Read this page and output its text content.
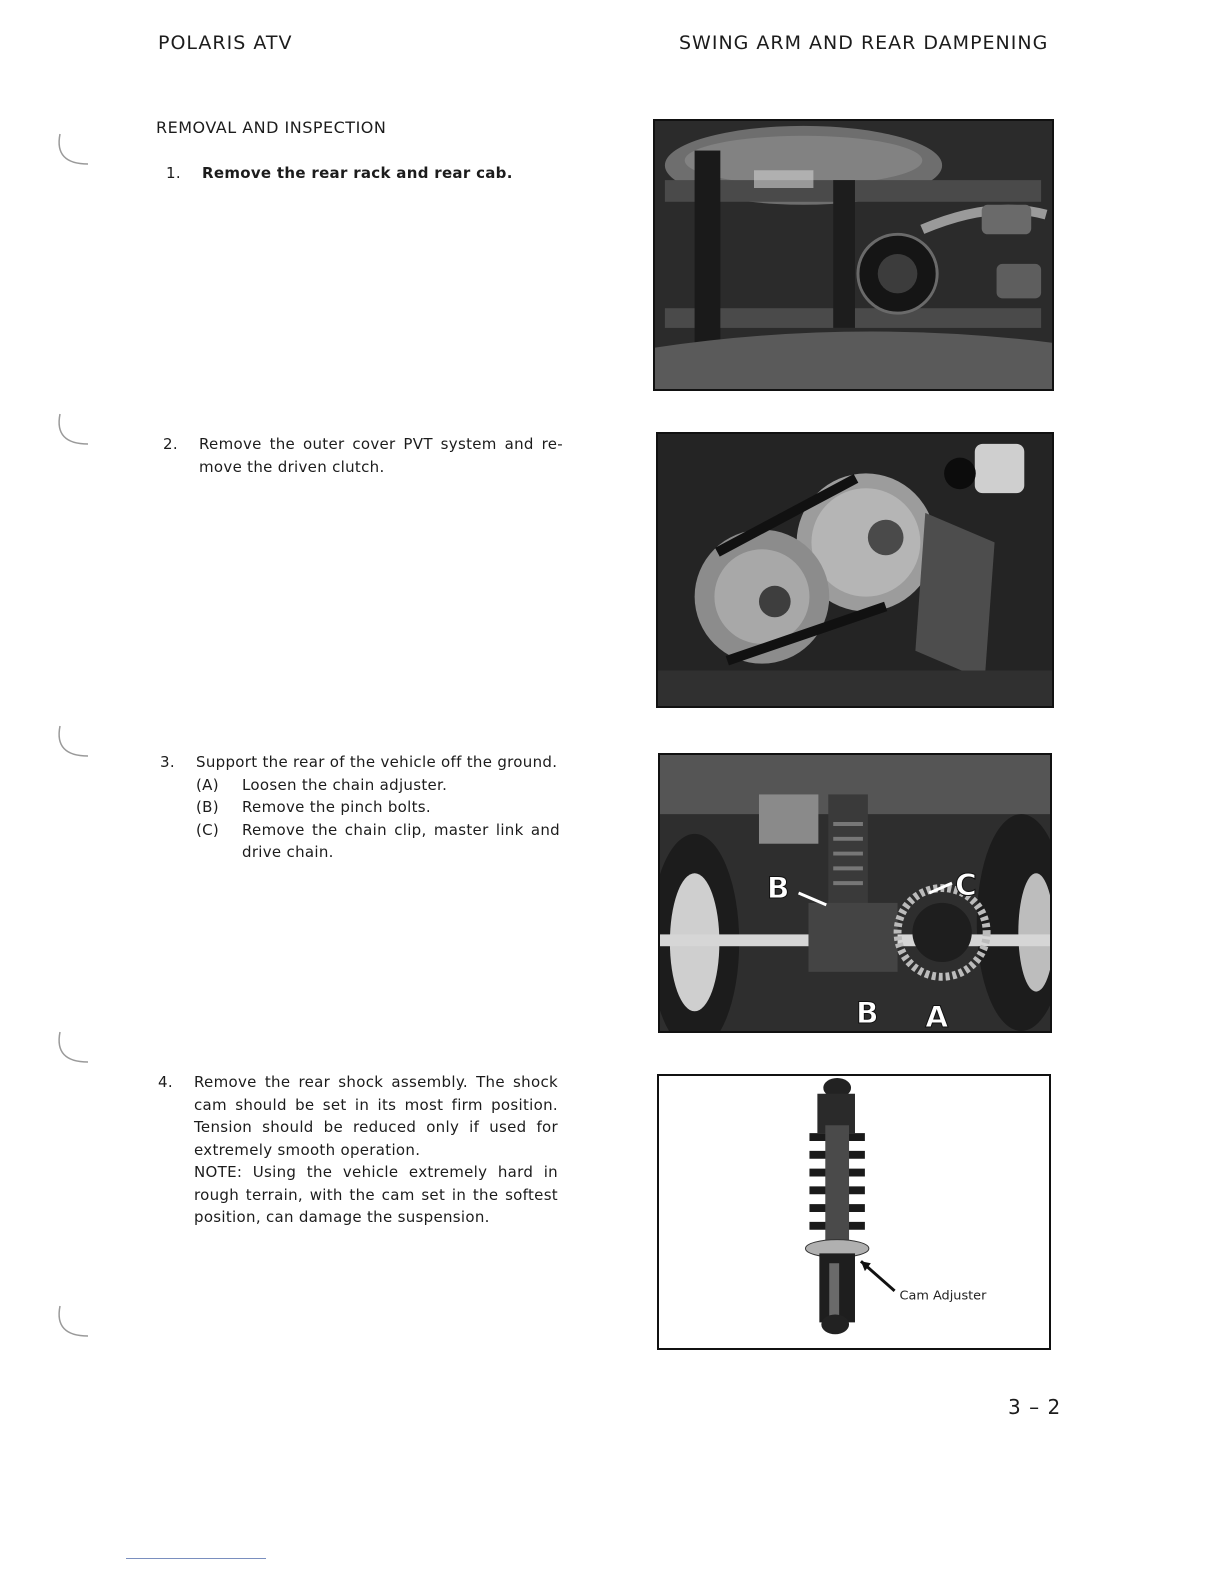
POLARIS ATV	SWING ARM AND REAR DAMPENING
REMOVAL AND INSPECTION
1. Remove the rear rack and rear cab.
2. Remove the outer cover PVT system and re-move the driven clutch.
3. Support the rear of the vehicle off the ground.
(A) Loosen the chain adjuster.
(B) Remove the pinch bolts.
(C) Remove the chain clip, master link and drive chain.
4. Remove the rear shock assembly. The shock cam should be set in its most firm position. Tension should be reduced only if used for extremely smooth operation.
NOTE: Using the vehicle extremely hard in rough terrain, with the cam set in the softest position, can damage the suspension.
B	C
B A
Cam Adjuster
3 – 2
